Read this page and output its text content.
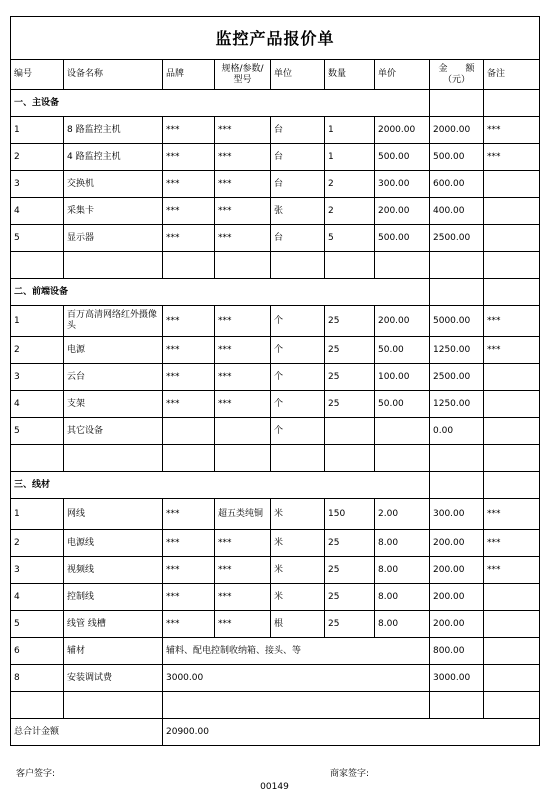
监控产品报价单								
编号	设备名称	品牌	规格/参数/型号	单位	数量	单价	金　　额（元）	备注
一、主设备								
1	8 路监控主机	***	***	台	1	2000.00	2000.00	***
2	4 路监控主机	***	***	台	1	500.00	500.00	***
3	交换机	***	***	台	2	300.00	600.00	
4	采集卡	***	***	张	2	200.00	400.00	
5	显示器	***	***	台	5	500.00	2500.00	

二、前端设备								
1	百万高清网络红外摄像头	***	***	个	25	200.00	5000.00	***
2	电源	***	***	个	25	50.00	1250.00	***
3	云台	***	***	个	25	100.00	2500.00	
4	支架	***	***	个	25	50.00	1250.00	
5	其它设备			个			0.00	

三、线材								
1	网线	***	超五类纯铜	米	150	2.00	300.00	***
2	电源线	***	***	米	25	8.00	200.00	***
3	视频线	***	***	米	25	8.00	200.00	***
4	控制线	***	***	米	25	8.00	200.00	
5	线管 线槽	***	***	根	25	8.00	200.00	
6	辅材	辅料、配电控制收纳箱、接头、等					800.00	
8	安装调试费	3000.00					3000.00	

总合计金额		20900.00						
客户签字:	商家签字:
00149
